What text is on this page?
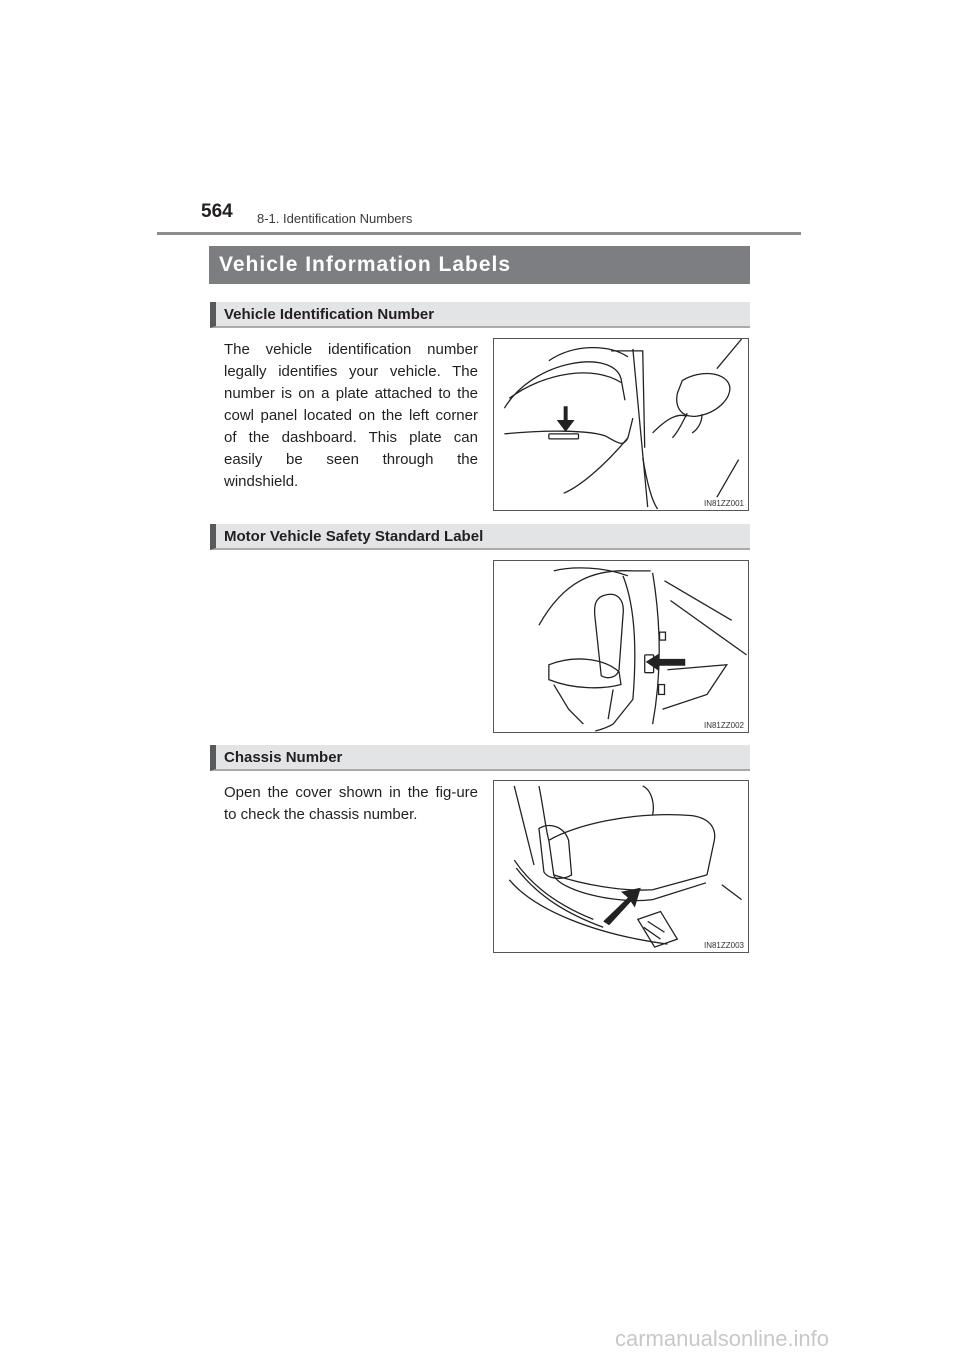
564 8-1. Identification Numbers
Vehicle Information Labels
Vehicle Identification Number
The vehicle identification number legally identifies your vehicle. The number is on a plate attached to the cowl panel located on the left corner of the dashboard. This plate can easily be seen through the windshield.
IN81ZZ001
Motor Vehicle Safety Standard Label
IN81ZZ002
Chassis Number
Open the cover shown in the fig-ure to check the chassis number.
IN81ZZ003
carmanualsonline.info
